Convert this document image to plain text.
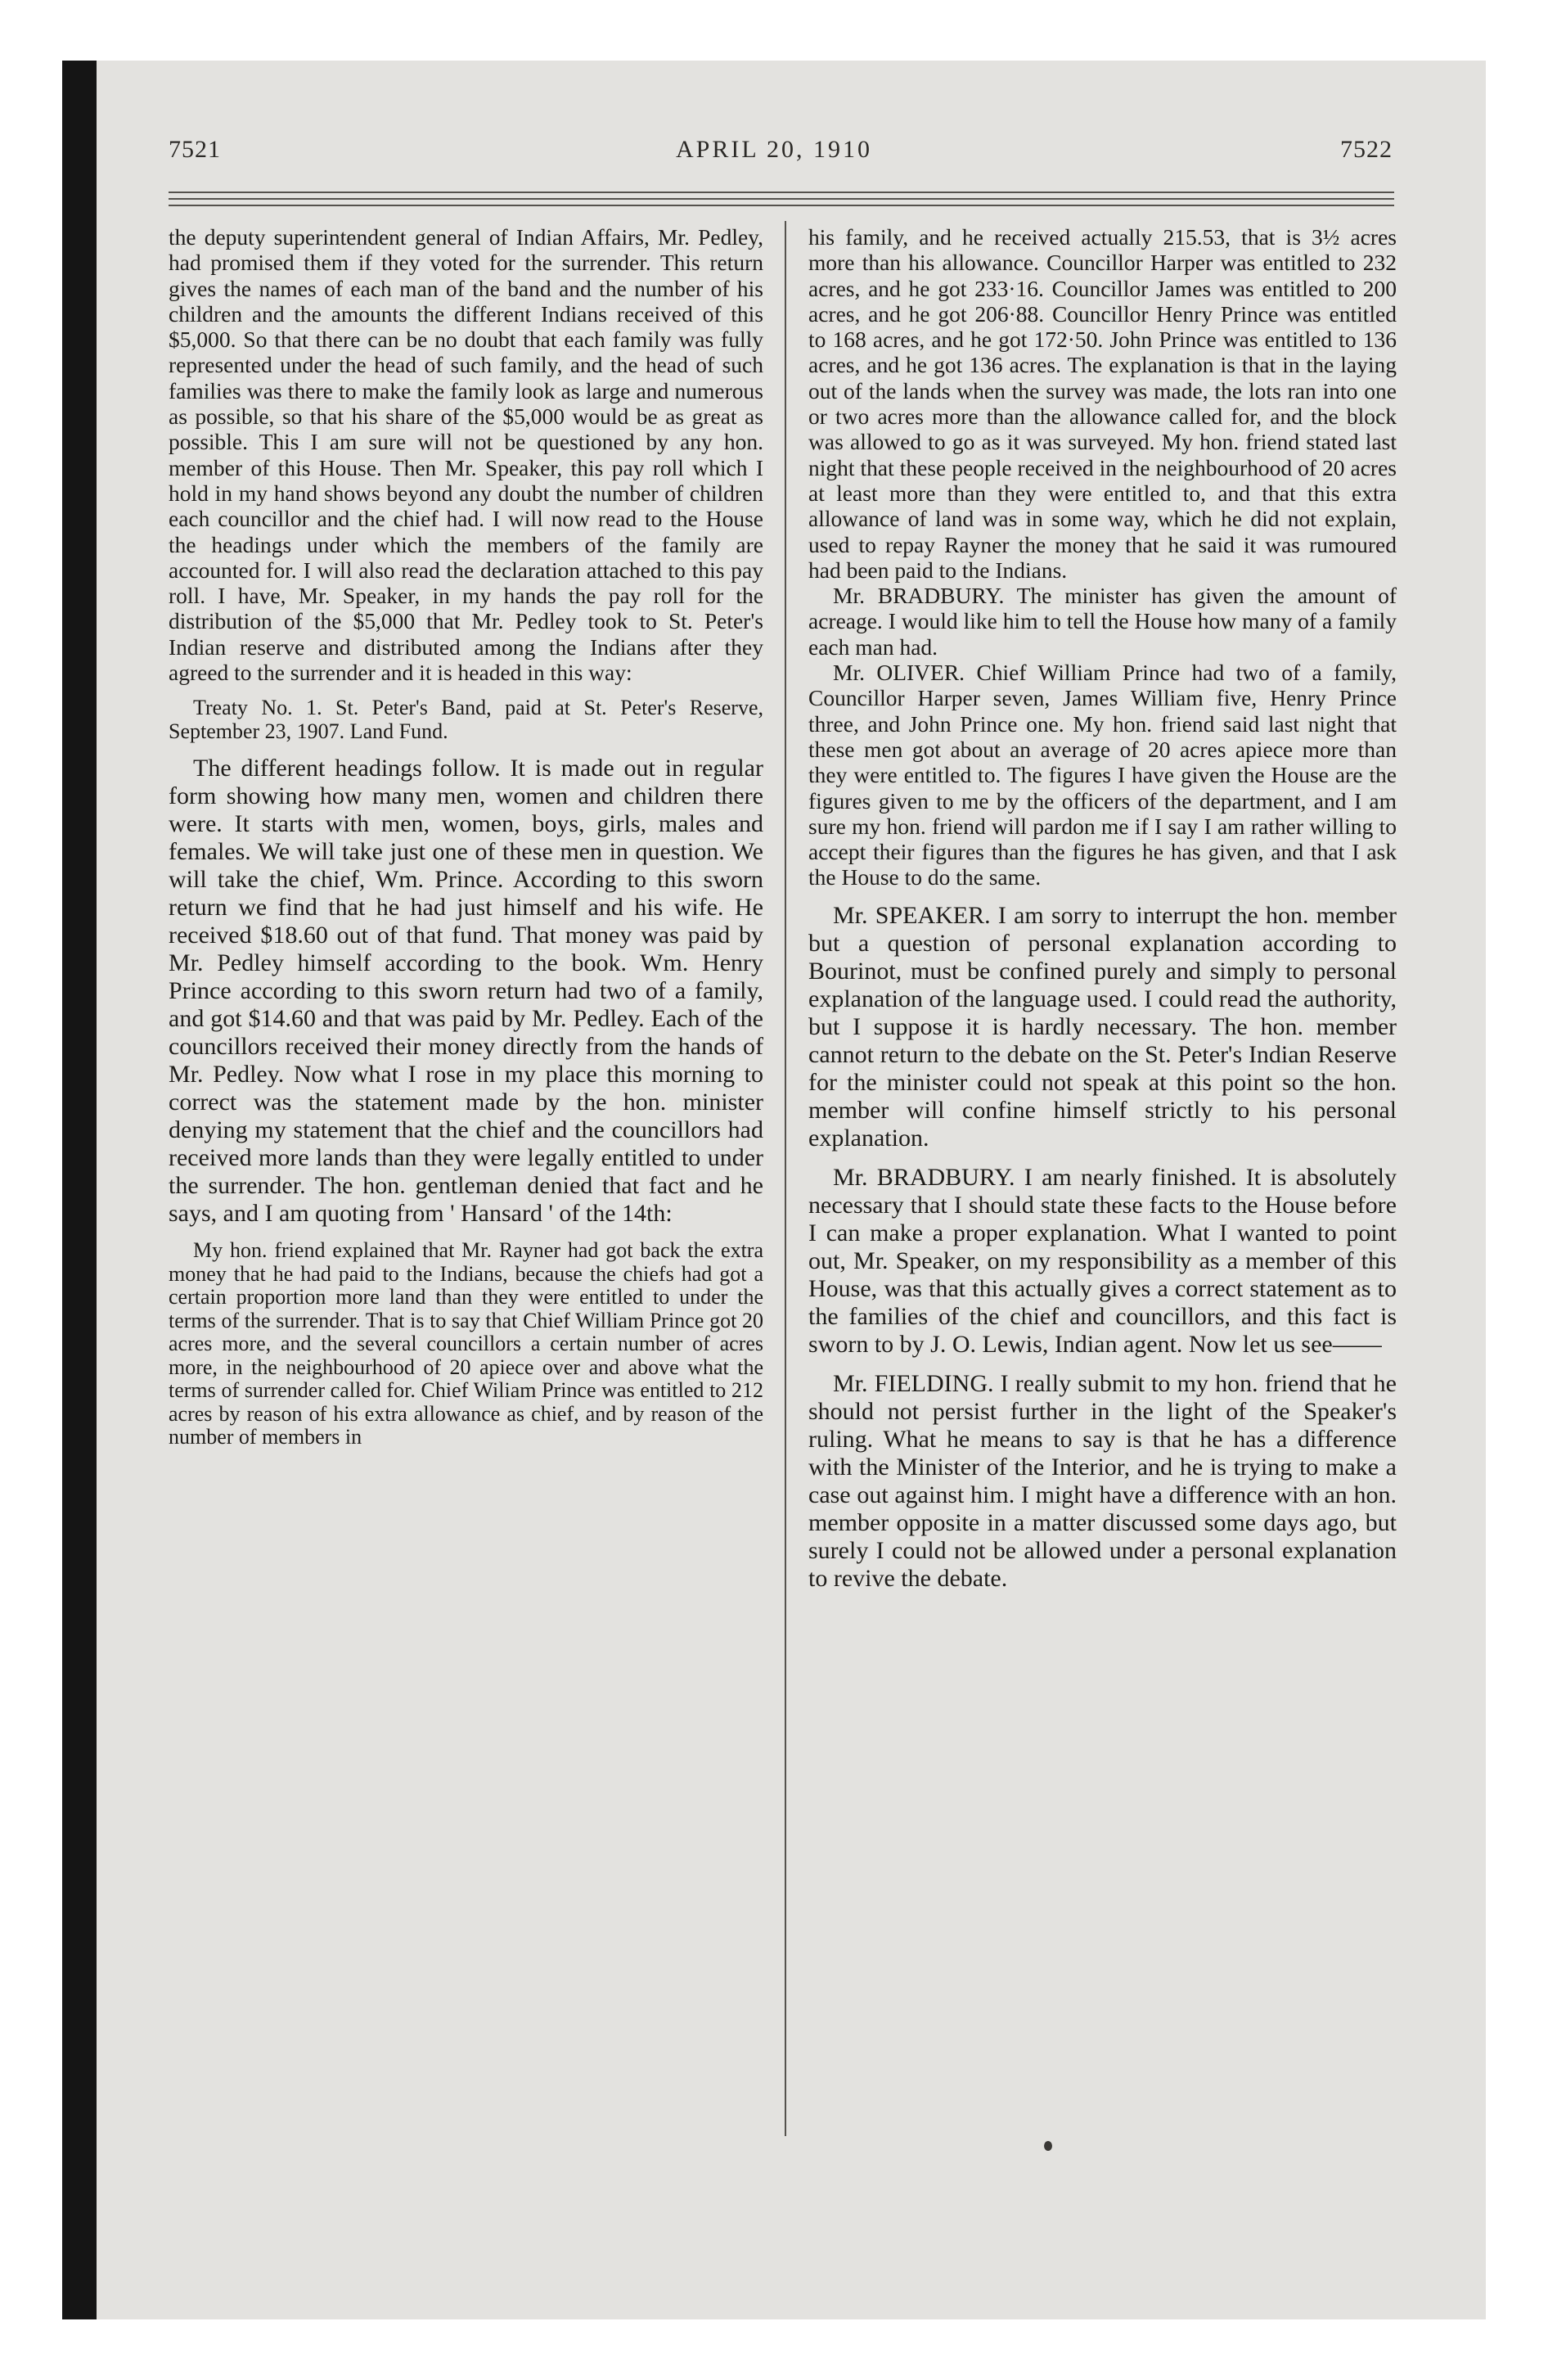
7521	APRIL 20, 1910	7522

the deputy superintendent general of Indian Affairs, Mr. Pedley, had promised them if they voted for the surrender. This return gives the names of each man of the band and the number of his children and the amounts the different Indians received of this $5,000. So that there can be no doubt that each family was fully represented under the head of such family, and the head of such families was there to make the family look as large and numerous as possible, so that his share of the $5,000 would be as great as possible. This I am sure will not be questioned by any hon. member of this House. Then Mr. Speaker, this pay roll which I hold in my hand shows beyond any doubt the number of children each councillor and the chief had. I will now read to the House the headings under which the members of the family are accounted for. I will also read the declaration attached to this pay roll. I have, Mr. Speaker, in my hands the pay roll for the distribution of the $5,000 that Mr. Pedley took to St. Peter's Indian reserve and distributed among the Indians after they agreed to the surrender and it is headed in this way:

Treaty No. 1. St. Peter's Band, paid at St. Peter's Reserve, September 23, 1907. Land Fund.

The different headings follow. It is made out in regular form showing how many men, women and children there were. It starts with men, women, boys, girls, males and females. We will take just one of these men in question. We will take the chief, Wm. Prince. According to this sworn return we find that he had just himself and his wife. He received $18.60 out of that fund. That money was paid by Mr. Pedley himself according to the book. Wm. Henry Prince according to this sworn return had two of a family, and got $14.60 and that was paid by Mr. Pedley. Each of the councillors received their money directly from the hands of Mr. Pedley. Now what I rose in my place this morning to correct was the statement made by the hon. minister denying my statement that the chief and the councillors had received more lands than they were legally entitled to under the surrender. The hon. gentleman denied that fact and he says, and I am quoting from ' Hansard ' of the 14th:

My hon. friend explained that Mr. Rayner had got back the extra money that he had paid to the Indians, because the chiefs had got a certain proportion more land than they were entitled to under the terms of the surrender. That is to say that Chief William Prince got 20 acres more, and the several councillors a certain number of acres more, in the neighbourhood of 20 apiece over and above what the terms of surrender called for. Chief Wiliam Prince was entitled to 212 acres by reason of his extra allowance as chief, and by reason of the number of members in

his family, and he received actually 215.53, that is 3½ acres more than his allowance. Councillor Harper was entitled to 232 acres, and he got 233·16. Councillor James was entitled to 200 acres, and he got 206·88. Councillor Henry Prince was entitled to 168 acres, and he got 172·50. John Prince was entitled to 136 acres, and he got 136 acres. The explanation is that in the laying out of the lands when the survey was made, the lots ran into one or two acres more than the allowance called for, and the block was allowed to go as it was surveyed. My hon. friend stated last night that these people received in the neighbourhood of 20 acres at least more than they were entitled to, and that this extra allowance of land was in some way, which he did not explain, used to repay Rayner the money that he said it was rumoured had been paid to the Indians.

Mr. BRADBURY. The minister has given the amount of acreage. I would like him to tell the House how many of a family each man had.

Mr. OLIVER. Chief William Prince had two of a family, Councillor Harper seven, James William five, Henry Prince three, and John Prince one. My hon. friend said last night that these men got about an average of 20 acres apiece more than they were entitled to. The figures I have given the House are the figures given to me by the officers of the department, and I am sure my hon. friend will pardon me if I say I am rather willing to accept their figures than the figures he has given, and that I ask the House to do the same.

Mr. SPEAKER. I am sorry to interrupt the hon. member but a question of personal explanation according to Bourinot, must be confined purely and simply to personal explanation of the language used. I could read the authority, but I suppose it is hardly necessary. The hon. member cannot return to the debate on the St. Peter's Indian Reserve for the minister could not speak at this point so the hon. member will confine himself strictly to his personal explanation.

Mr. BRADBURY. I am nearly finished. It is absolutely necessary that I should state these facts to the House before I can make a proper explanation. What I wanted to point out, Mr. Speaker, on my responsibility as a member of this House, was that this actually gives a correct statement as to the families of the chief and councillors, and this fact is sworn to by J. O. Lewis, Indian agent. Now let us see——

Mr. FIELDING. I really submit to my hon. friend that he should not persist further in the light of the Speaker's ruling. What he means to say is that he has a difference with the Minister of the Interior, and he is trying to make a case out against him. I might have a difference with an hon. member opposite in a matter discussed some days ago, but surely I could not be allowed under a personal explanation to revive the debate.
